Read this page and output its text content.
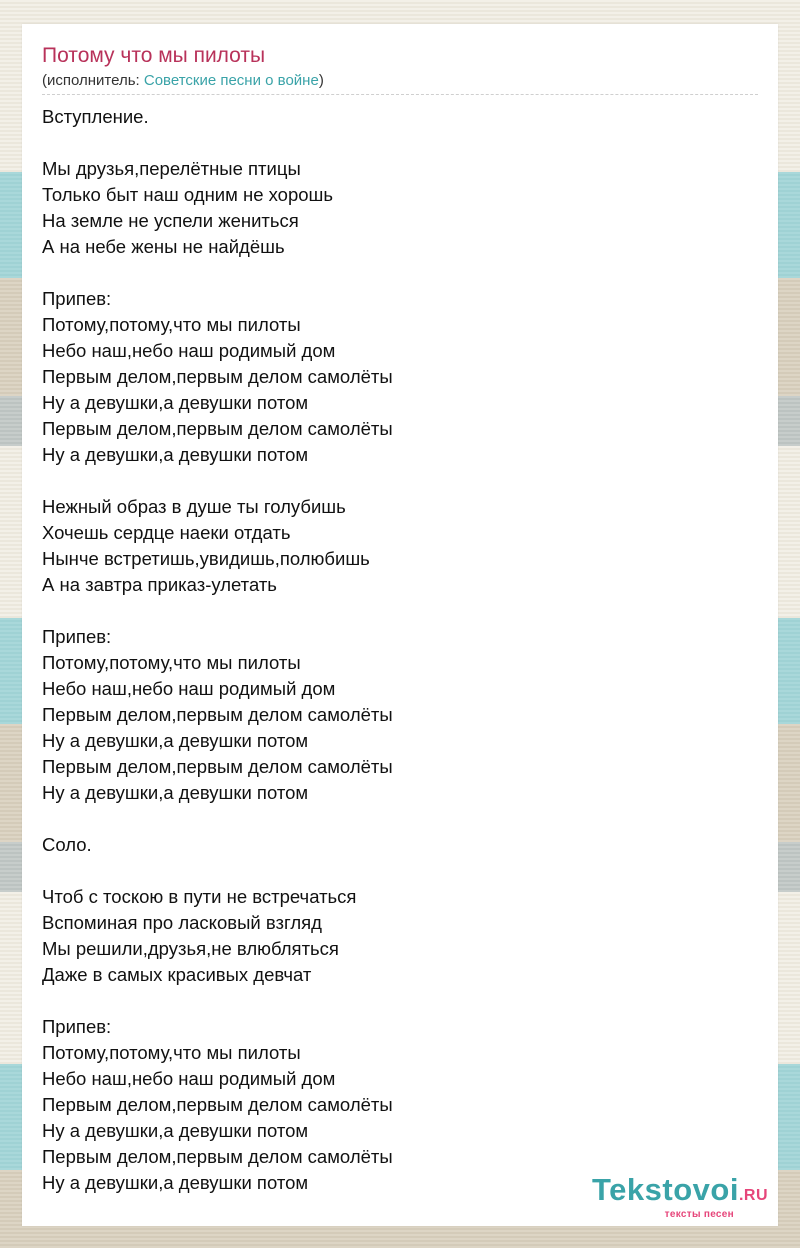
Потому что мы пилоты
(исполнитель: Советские песни о войне)
Вступление.
Мы друзья,перелётные птицы
Только быт наш одним не хорошь
На земле не успели жениться
А на небе жены не найдёшь
Припев:
Потому,потому,что мы пилоты
Небо наш,небо наш родимый дом
Первым делом,первым делом самолёты
Ну а девушки,а девушки потом
Первым делом,первым делом самолёты
Ну а девушки,а девушки потом
Нежный образ в душе ты голубишь
Хочешь сердце наеки отдать
Нынче встретишь,увидишь,полюбишь
А на завтра приказ-улетать
Припев:
Потому,потому,что мы пилоты
Небо наш,небо наш родимый дом
Первым делом,первым делом самолёты
Ну а девушки,а девушки потом
Первым делом,первым делом самолёты
Ну а девушки,а девушки потом
Соло.
Чтоб с тоскою в пути не встречаться
Вспоминая про ласковый взгляд
Мы решили,друзья,не влюбляться
Даже в самых красивых девчат
Припев:
Потому,потому,что мы пилоты
Небо наш,небо наш родимый дом
Первым делом,первым делом самолёты
Ну а девушки,а девушки потом
Первым делом,первым делом самолёты
Ну а девушки,а девушки потом	Tekstovoi.RU
тексты песен
